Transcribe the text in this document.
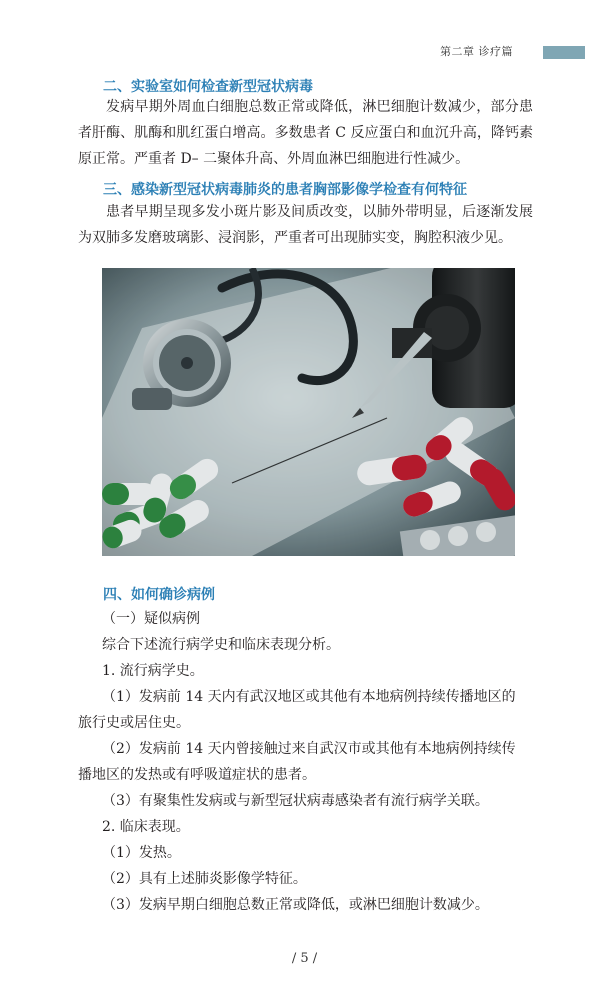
第二章 诊疗篇
二、实验室如何检查新型冠状病毒
发病早期外周血白细胞总数正常或降低，淋巴细胞计数减少，部分患者肝酶、肌酶和肌红蛋白增高。多数患者 C 反应蛋白和血沉升高，降钙素原正常。严重者 D– 二聚体升高、外周血淋巴细胞进行性减少。
三、感染新型冠状病毒肺炎的患者胸部影像学检查有何特征
患者早期呈现多发小斑片影及间质改变，以肺外带明显，后逐渐发展为双肺多发磨玻璃影、浸润影，严重者可出现肺实变，胸腔积液少见。
四、如何确诊病例
（一）疑似病例
综合下述流行病学史和临床表现分析。
1. 流行病学史。
（1）发病前 14 天内有武汉地区或其他有本地病例持续传播地区的
旅行史或居住史。
（2）发病前 14 天内曾接触过来自武汉市或其他有本地病例持续传
播地区的发热或有呼吸道症状的患者。
（3）有聚集性发病或与新型冠状病毒感染者有流行病学关联。
2. 临床表现。
（1）发热。
（2）具有上述肺炎影像学特征。
（3）发病早期白细胞总数正常或降低，或淋巴细胞计数减少。
/ 5 /
